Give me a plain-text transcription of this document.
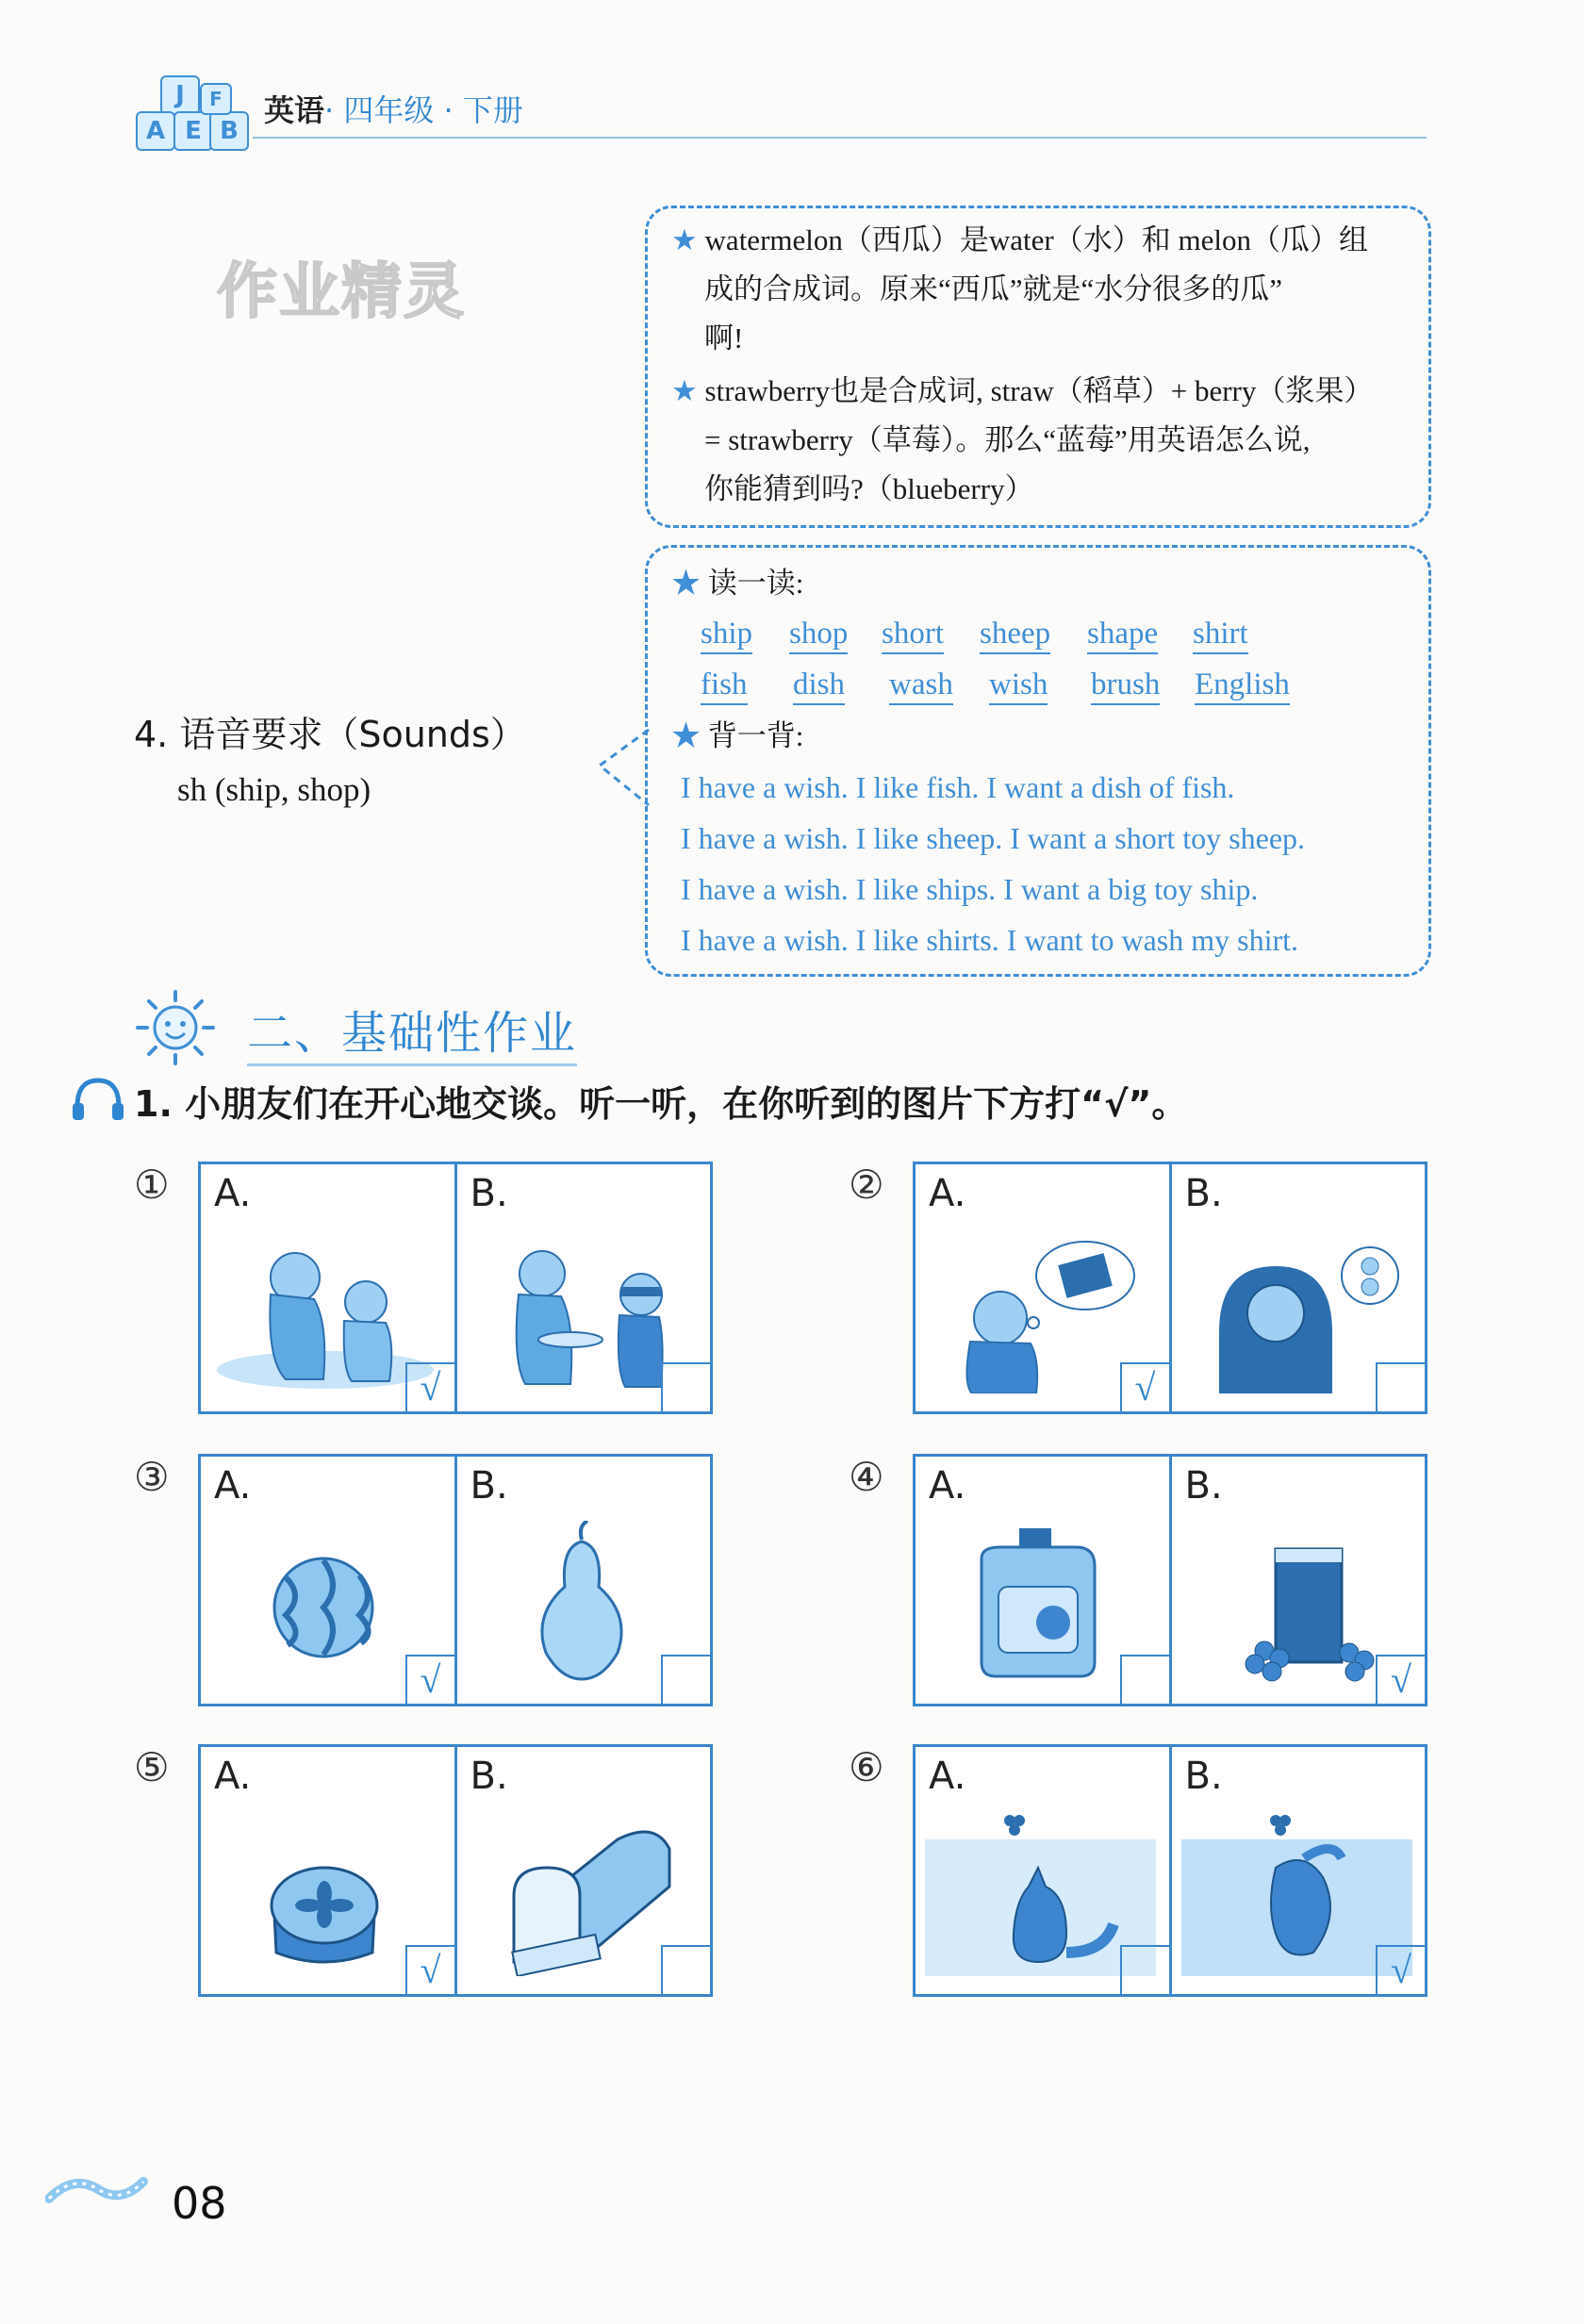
J
A E B
F	英语· 四年级 · 下册
作业精灵
★ watermelon（西瓜）是water（水）和 melon（瓜）组
成的合成词。原来“西瓜”就是“水分很多的瓜”
啊!
★ strawberry也是合成词, straw（稻草）+ berry（浆果）
= strawberry（草莓）。那么“蓝莓”用英语怎么说,
你能猜到吗?（blueberry）
★ 读一读:
ship shop short sheep shape shirt
fish dish wash wish brush English
★ 背一背:
I have a wish. I like fish. I want a dish of fish.
I have a wish. I like sheep. I want a short toy sheep.
I have a wish. I like ships. I want a big toy ship.
I have a wish. I like shirts. I want to wash my shirt.
4. 语音要求（Sounds）
sh (ship, shop)
二、基础性作业
1. 小朋友们在开心地交谈。听一听，在你听到的图片下方打“√”。
① A.
√
B.	② A.
√
B.
③ A.
√
B.	④ A.	B.
√
⑤ A.
√
B.	⑥ A.	B.
√
08
